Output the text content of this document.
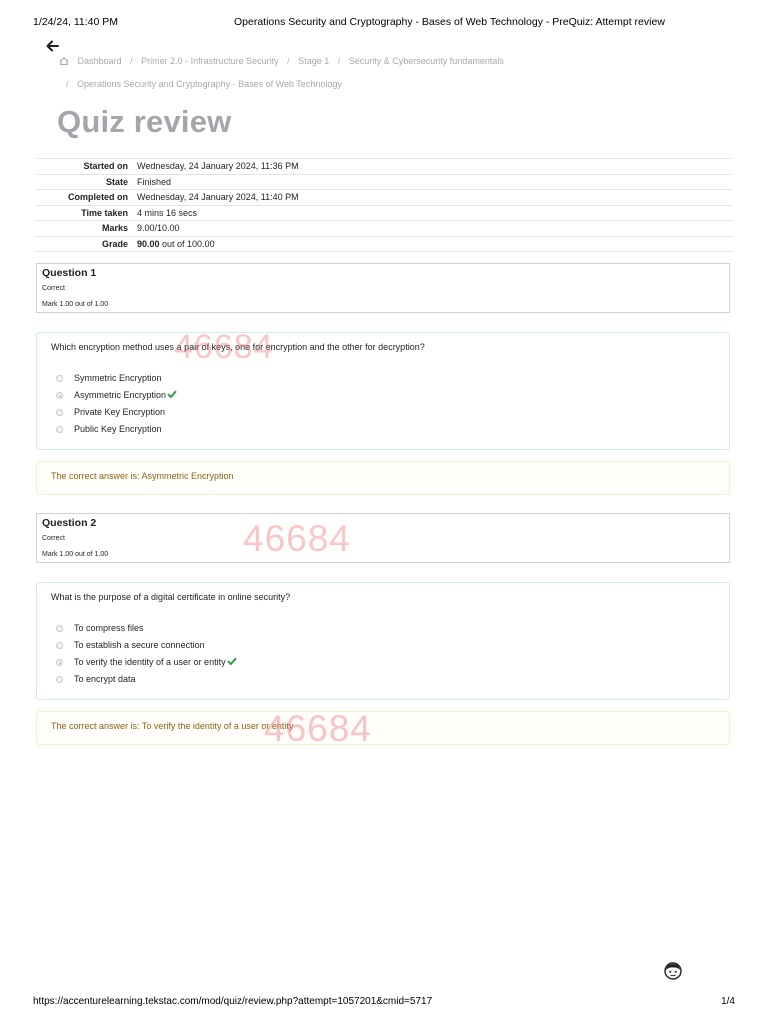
1/24/24, 11:40 PM	Operations Security and Cryptography - Bases of Web Technology - PreQuiz: Attempt review
Dashboard / Primer 2.0 - Infrastructure Security / Stage 1 / Security & Cybersecurity fundamentals
/ Operations Security and Cryptography - Bases of Web Technology
Quiz review
Started on	Wednesday, 24 January 2024, 11:36 PM
State	Finished
Completed on	Wednesday, 24 January 2024, 11:40 PM
Time taken	4 mins 16 secs
Marks	9.00/10.00
Grade	90.00 out of 100.00
Question 1
Correct
Mark 1.00 out of 1.00
Which encryption method uses a pair of keys, one for encryption and the other for decryption?
Symmetric Encryption
Asymmetric Encryption
Private Key Encryption
Public Key Encryption
The correct answer is: Asymmetric Encryption
Question 2
Correct
Mark 1.00 out of 1.00
What is the purpose of a digital certificate in online security?
To compress files
To establish a secure connection
To verify the identity of a user or entity
To encrypt data
The correct answer is: To verify the identity of a user or entity
46684
46684
46684
https://accenturelearning.tekstac.com/mod/quiz/review.php?attempt=1057201&cmid=5717	1/4
